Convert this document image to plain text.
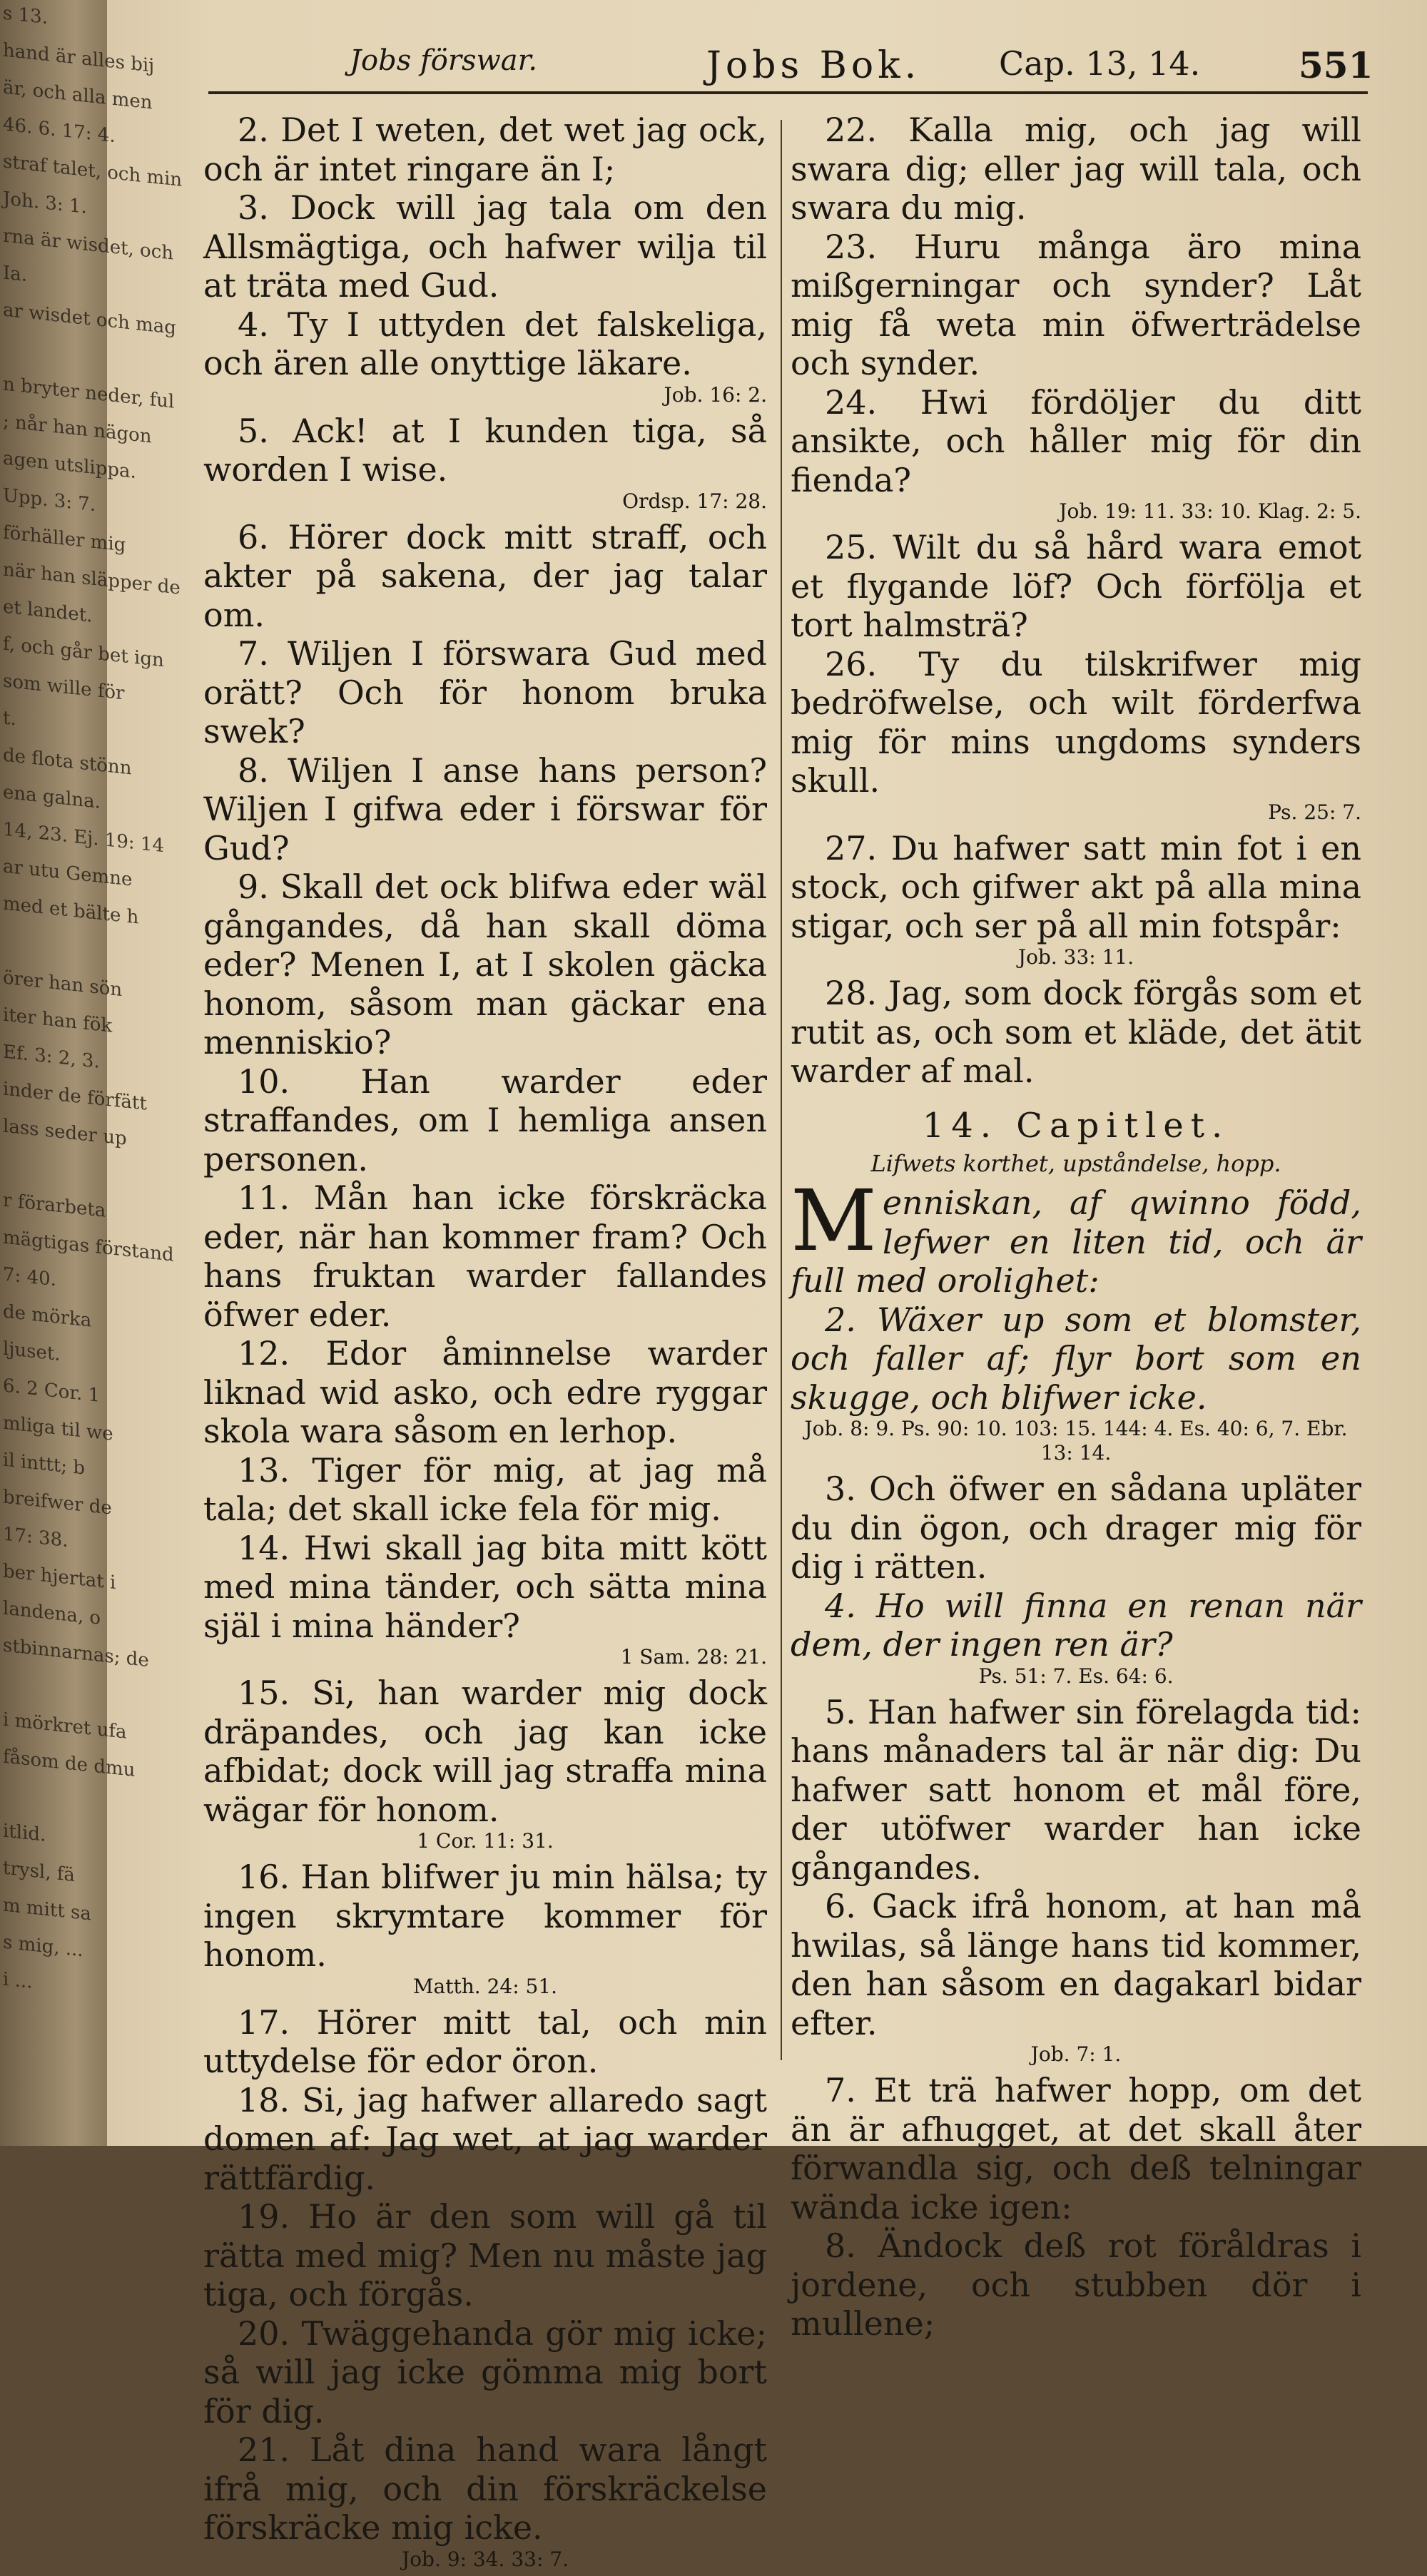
s 13.
hand är alles bij
är, och alla men
46. 6. 17: 4.
straf talet, och min
Joh. 3: 1.
rna är wisdet, och
Ia.
ar wisdet och mag
n bryter neder, ful
; når han nägon
agen utslippa.
Upp. 3: 7.
förhäller mig
när han släpper de
et landet.
f, och går bet ign
som wille för
t.
de flota stönn
ena galna.
14, 23. Ej. 19: 14
ar utu Gemne
med et bälte h
örer han sön
iter han fök
Ef. 3: 2, 3.
inder de förfätt
lass seder up
r förarbeta
mägtigas förstand
7: 40.
de mörka
ljuset.
6. 2 Cor. 1
mliga til we
il inttt; b
breifwer de
17: 38.
ber hjertat i
landena, o
stbinnarnas; de
i mörkret ufa
fåsom de dmu
itlid.
trysl, fä
m mitt sa
s mig, ...
i ...
Jobs förswar.	Jobs Bok. Cap. 13, 14.	551

2. Det I weten, det wet jag ock, och är intet ringare än I;

3. Dock will jag tala om den Allsmägtiga, och hafwer wilja til at träta med Gud.

4. Ty I uttyden det falskeliga, och ären alle onyttige läkare.

Job. 16: 2.

5. Ack! at I kunden tiga, så worden I wise.

Ordsp. 17: 28.

6. Hörer dock mitt straff, och akter på sakena, der jag talar om.

7. Wiljen I förswara Gud med orätt? Och för honom bruka swek?

8. Wiljen I anse hans person? Wiljen I gifwa eder i förswar för Gud?

9. Skall det ock blifwa eder wäl gångandes, då han skall döma eder? Menen I, at I skolen gäcka honom, såsom man gäckar ena menniskio?

10. Han warder eder straffandes, om I hemliga ansen personen.

11. Mån han icke förskräcka eder, när han kommer fram? Och hans fruktan warder fallandes öfwer eder.

12. Edor åminnelse warder liknad wid asko, och edre ryggar skola wara såsom en lerhop.

13. Tiger för mig, at jag må tala; det skall icke fela för mig.

14. Hwi skall jag bita mitt kött med mina tänder, och sätta mina själ i mina händer?

1 Sam. 28: 21.

15. Si, han warder mig dock dräpandes, och jag kan icke afbidat; dock will jag straffa mina wägar för honom.

1 Cor. 11: 31.

16. Han blifwer ju min hälsa; ty ingen skrymtare kommer för honom.

Matth. 24: 51.

17. Hörer mitt tal, och min uttydelse för edor öron.

18. Si, jag hafwer allaredo sagt domen af: Jag wet, at jag warder rättfärdig.

19. Ho är den som will gå til rätta med mig? Men nu måste jag tiga, och förgås.

20. Twäggehanda gör mig icke; så will jag icke gömma mig bort för dig.

21. Låt dina hand wara långt ifrå mig, och din förskräckelse förskräcke mig icke.

Job. 9: 34. 33: 7.

22. Kalla mig, och jag will swara dig; eller jag will tala, och swara du mig.

23. Huru många äro mina mißgerningar och synder? Låt mig få weta min öfwerträdelse och synder.

24. Hwi fördöljer du ditt ansikte, och håller mig för din fienda?

Job. 19: 11. 33: 10. Klag. 2: 5.

25. Wilt du så hård wara emot et flygande löf? Och förfölja et tort halmsträ?

26. Ty du tilskrifwer mig bedröfwelse, och wilt förderfwa mig för mins ungdoms synders skull.

Ps. 25: 7.

27. Du hafwer satt min fot i en stock, och gifwer akt på alla mina stigar, och ser på all min fotspår:

Job. 33: 11.

28. Jag, som dock förgås som et rutit as, och som et kläde, det ätit warder af mal.

14. Capitlet.

Lifwets korthet, upståndelse, hopp.

Menniskan, af qwinno född, lefwer en liten tid, och är full med orolighet:

2. Wäxer up som et blomster, och faller af; flyr bort som en skugge, och blifwer icke.

Job. 8: 9. Ps. 90: 10. 103: 15. 144: 4. Es. 40: 6, 7. Ebr. 13: 14.

3. Och öfwer en sådana upläter du din ögon, och drager mig för dig i rätten.

4. Ho will finna en renan när dem, der ingen ren är?

Ps. 51: 7. Es. 64: 6.

5. Han hafwer sin förelagda tid: hans månaders tal är när dig: Du hafwer satt honom et mål före, der utöfwer warder han icke gångandes.

6. Gack ifrå honom, at han må hwilas, så länge hans tid kommer, den han såsom en dagakarl bidar efter.

Job. 7: 1.

7. Et trä hafwer hopp, om det än är afhugget, at det skall åter förwandla sig, och deß telningar wända icke igen:

8. Ändock deß rot föråldras i jordene, och stubben dör i mullene;
